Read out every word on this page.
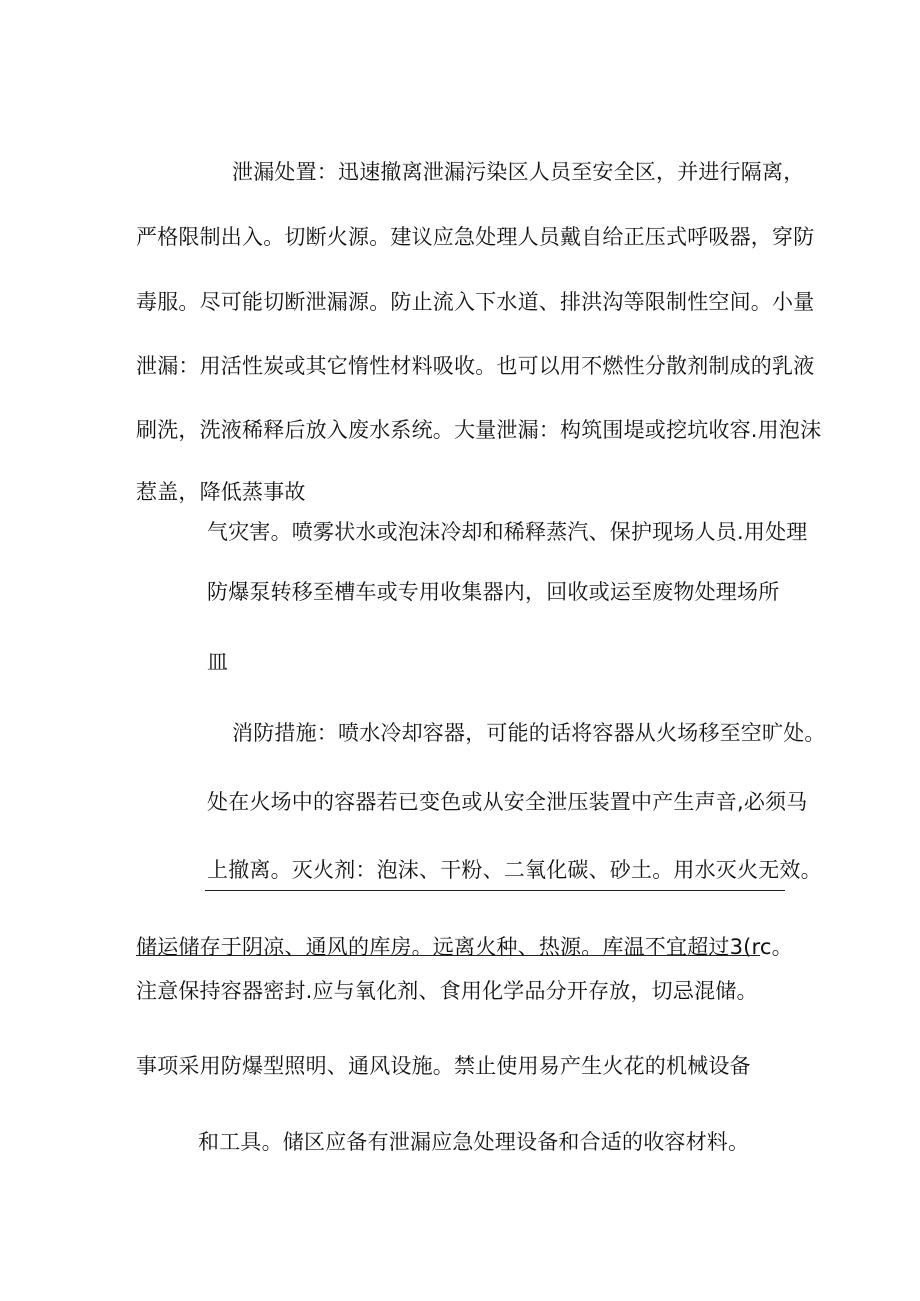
泄漏处置：迅速撤离泄漏污染区人员至安全区，并进行隔离，
严格限制出入。切断火源。建议应急处理人员戴自给正压式呼吸器，穿防
毒服。尽可能切断泄漏源。防止流入下水道、排洪沟等限制性空间。小量
泄漏：用活性炭或其它惰性材料吸收。也可以用不燃性分散剂制成的乳液
刷洗，洗液稀释后放入废水系统。大量泄漏：构筑围堤或挖坑收容.用泡沫
惹盖，降低蒸事故
气灾害。喷雾状水或泡沫冷却和稀释蒸汽、保护现场人员.用处理
防爆泵转移至槽车或专用收集器内，回收或运至废物处理场所
皿
消防措施：喷水冷却容器，可能的话将容器从火场移至空旷处。
处在火场中的容器若已变色或从安全泄压装置中产生声音,必须马
上撤离。灭火剂：泡沫、干粉、二氧化碳、砂土。用水灭火无效。
储运储存于阴凉、通风的库房。远离火种、热源。库温不宜超过3(rc。
注意保持容器密封.应与氧化剂、食用化学品分开存放，切忌混储。
事项采用防爆型照明、通风设施。禁止使用易产生火花的机械设备
和工具。储区应备有泄漏应急处理设备和合适的收容材料。
